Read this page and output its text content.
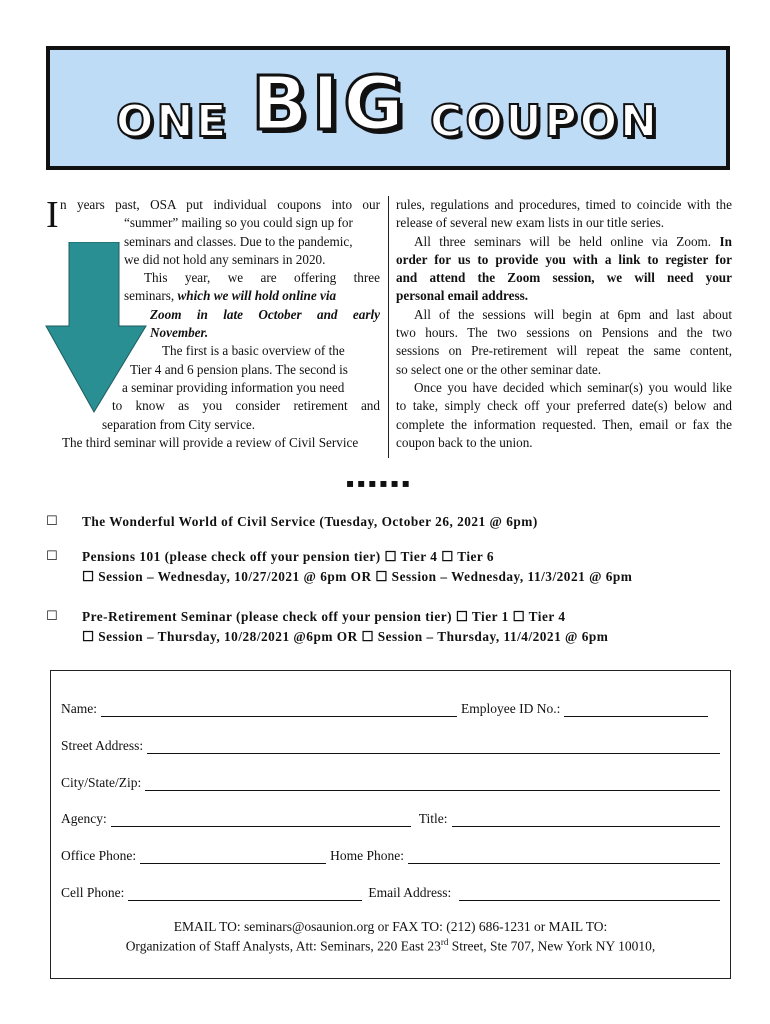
ONE BIG COUPON
I n years past, OSA put individual coupons into our
“summer” mailing so you could sign up for
seminars and classes. Due to the pandemic,
we did not hold any seminars in 2020.
This year, we are offering three
seminars, which we will hold online via
Zoom in late October and early
November.
The first is a basic overview of the
Tier 4 and 6 pension plans. The second is
a seminar providing information you need
to know as you consider retirement and
separation from City service.
The third seminar will provide a review of Civil Service
rules, regulations and procedures, timed to coincide with the
release of several new exam lists in our title series.
All three seminars will be held online via Zoom. In
order for us to provide you with a link to register for
and attend the Zoom session, we will need your
personal email address.
All of the sessions will begin at 6pm and last about
two hours. The two sessions on Pensions and the two
sessions on Pre-retirement will repeat the same content,
so select one or the other seminar date.
Once you have decided which seminar(s) you would like
to take, simply check off your preferred date(s) below and
complete the information requested. Then, email or fax the
coupon back to the union.
▪▪▪▪▪▪
☐ The Wonderful World of Civil Service (Tuesday, October 26, 2021 @ 6pm)
☐ Pensions 101 (please check off your pension tier) ☐ Tier 4 ☐ Tier 6
☐ Session – Wednesday, 10/27/2021 @ 6pm OR ☐ Session – Wednesday, 11/3/2021 @ 6pm
☐ Pre-Retirement Seminar (please check off your pension tier) ☐ Tier 1 ☐ Tier 4
☐ Session – Thursday, 10/28/2021 @6pm OR ☐ Session – Thursday, 11/4/2021 @ 6pm
Name:	Employee ID No.:
Street Address:
City/State/Zip:
Agency:	Title:
Office Phone:	Home Phone:
Cell Phone:	Email Address:
EMAIL TO: seminars@osaunion.org or FAX TO: (212) 686-1231 or MAIL TO:
Organization of Staff Analysts, Att: Seminars, 220 East 23rd Street, Ste 707, New York NY 10010,
